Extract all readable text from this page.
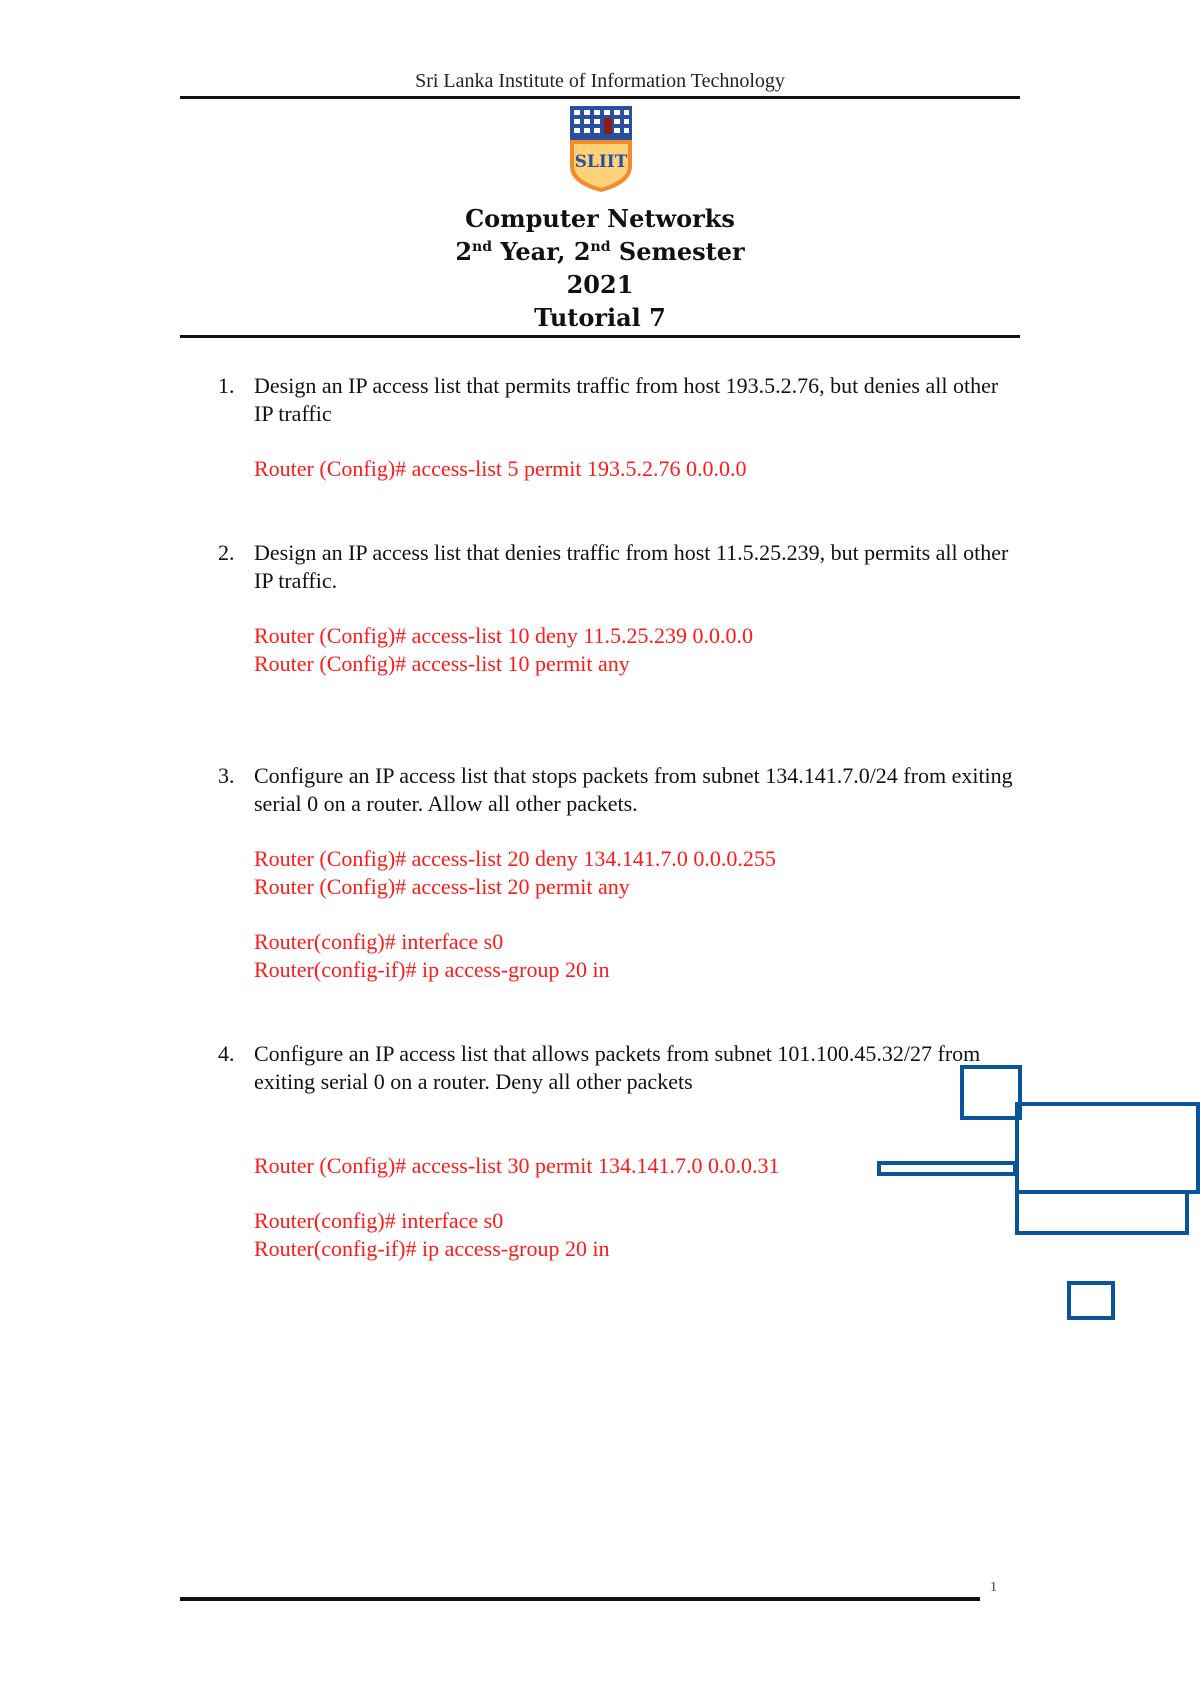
Sri Lanka Institute of Information Technology
SLIIT
Computer Networks
2nd Year, 2nd Semester
2021
Tutorial 7
1. Design an IP access list that permits traffic from host 193.5.2.76, but denies all other IP traffic
Router (Config)# access-list 5 permit 193.5.2.76 0.0.0.0
2. Design an IP access list that denies traffic from host 11.5.25.239, but permits all other IP traffic.
Router (Config)# access-list 10 deny 11.5.25.239 0.0.0.0
Router (Config)# access-list 10 permit any
3. Configure an IP access list that stops packets from subnet 134.141.7.0/24 from exiting serial 0 on a router. Allow all other packets.
Router (Config)# access-list 20 deny 134.141.7.0 0.0.0.255
Router (Config)# access-list 20 permit any
Router(config)# interface s0
Router(config-if)# ip access-group 20 in
4. Configure an IP access list that allows packets from subnet 101.100.45.32/27 from exiting serial 0 on a router. Deny all other packets
Router (Config)# access-list 30 permit 134.141.7.0 0.0.0.31
Router(config)# interface s0
Router(config-if)# ip access-group 20 in
1
